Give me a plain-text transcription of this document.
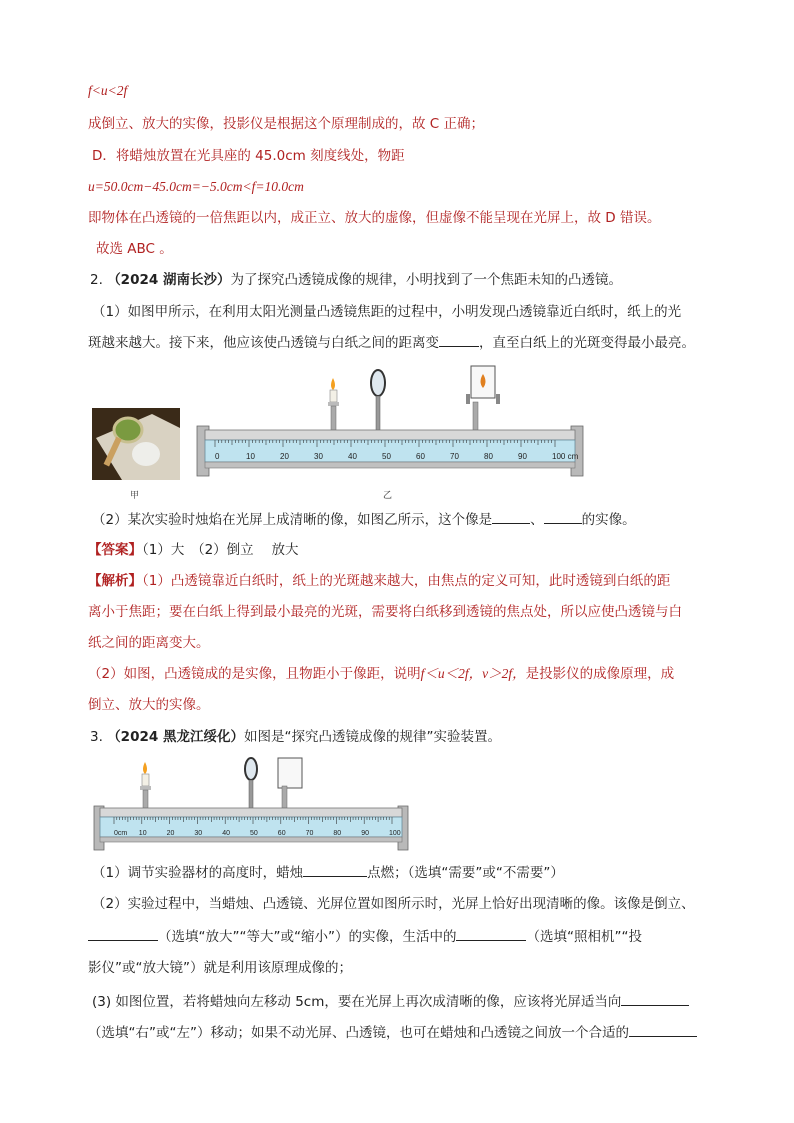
f<u<2f
成倒立、放大的实像，投影仪是根据这个原理制成的，故 C 正确；
D．将蜡烛放置在光具座的 45.0cm 刻度线处，物距
u=50.0cm−45.0cm=−5.0cm<f=10.0cm
即物体在凸透镜的一倍焦距以内，成正立、放大的虚像，但虚像不能呈现在光屏上，故 D 错误。
故选 ABC 。
2. （2024 湖南长沙）为了探究凸透镜成像的规律，小明找到了一个焦距未知的凸透镜。
（1）如图甲所示，在利用太阳光测量凸透镜焦距的过程中，小明发现凸透镜靠近白纸时，纸上的光
斑越来越大。接下来，他应该使凸透镜与白纸之间的距离变	，直至白纸上的光斑变得最小最亮。
甲
0	10	20	30	40	50	60	70	80	90	100 cm
乙
（2）某次实验时烛焰在光屏上成清晰的像，如图乙所示，这个像是	、	的实像。
【答案】（1）大　（2）倒立　 放大
【解析】（1）凸透镜靠近白纸时，纸上的光斑越来越大，由焦点的定义可知，此时透镜到白纸的距
离小于焦距；要在白纸上得到最小最亮的光斑，需要将白纸移到透镜的焦点处，所以应使凸透镜与白
纸之间的距离变大。
（2）如图，凸透镜成的是实像，且物距小于像距，说明f＜u＜2f，v＞2f，是投影仪的成像原理，成
倒立、放大的实像。
3. （2024 黑龙江绥化）如图是“探究凸透镜成像的规律”实验装置。
0cm 10	20	30	40	50	60	70	80	90	100
（1）调节实验器材的高度时，蜡烛	点燃；（选填“需要”或“不需要”）
（2）实验过程中，当蜡烛、凸透镜、光屏位置如图所示时，光屏上恰好出现清晰的像。该像是倒立、
（选填“放大”“等大”或“缩小”）的实像，生活中的	（选填“照相机”“投
影仪”或“放大镜”）就是利用该原理成像的；
(3) 如图位置，若将蜡烛向左移动 5cm，要在光屏上再次成清晰的像，应该将光屏适当向
（选填“右”或“左”）移动；如果不动光屏、凸透镜，也可在蜡烛和凸透镜之间放一个合适的
